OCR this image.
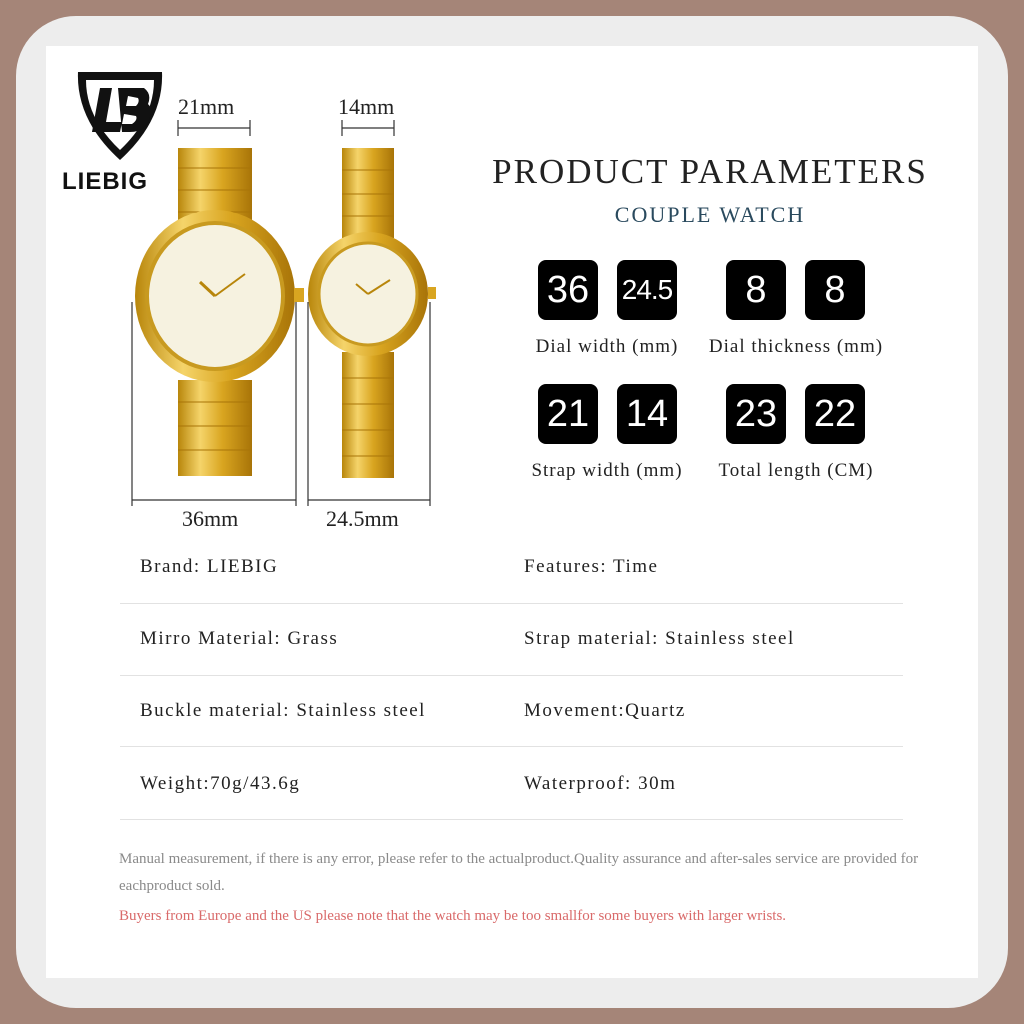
LIEBIG
21mm	14mm
36mm	24.5mm
PRODUCT PARAMETERS
COUPLE WATCH
36	24.5	8	8
Dial width (mm)	Dial thickness (mm)
21 14 23 22
Strap width (mm)	Total length (CM)
Brand: LIEBIG	Features: Time
Mirro Material: Grass	Strap material: Stainless steel
Buckle material: Stainless steel	Movement:Quartz
Weight:70g/43.6g	Waterproof: 30m
Manual measurement, if there is any error, please refer to the actualproduct.Quality assurance and after-sales service are provided for eachproduct sold.
Buyers from Europe and the US please note that the watch may be too smallfor some buyers with larger wrists.
